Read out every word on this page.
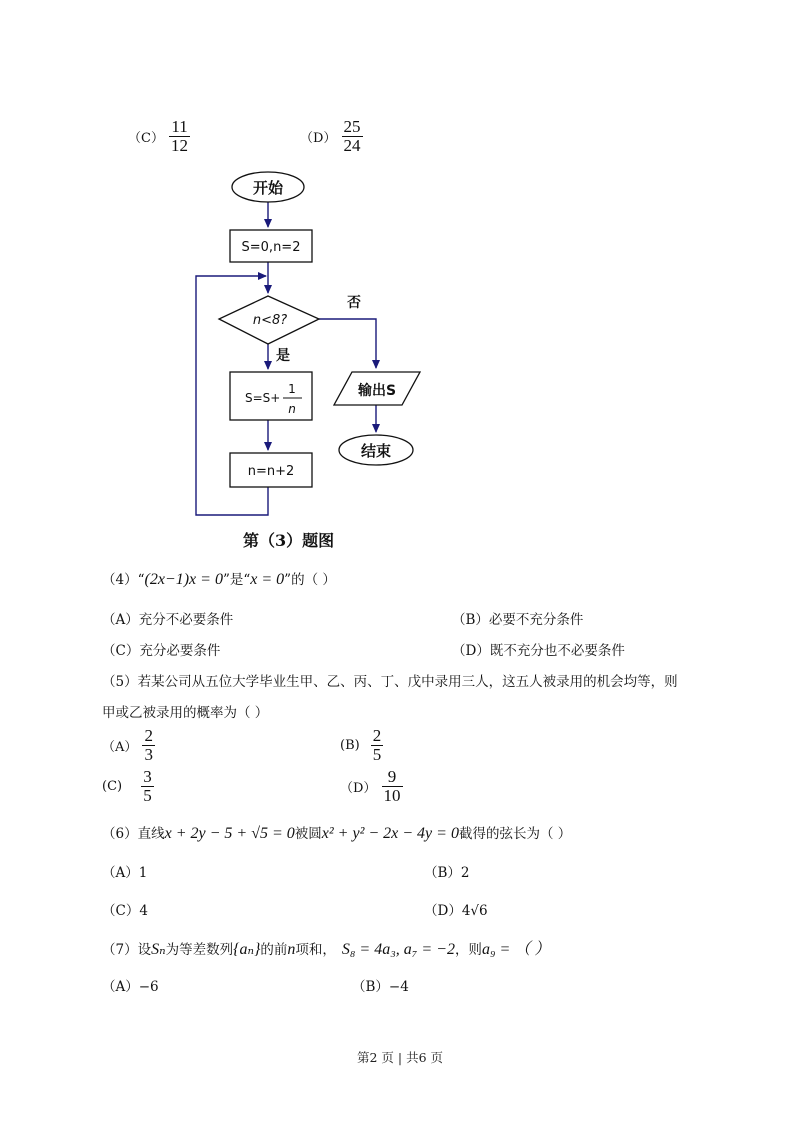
$(C) \frac{11}{12}$	$(D) \frac{25}{24}$
开始
S=0,n=2
n<8?
否
是
S=S+
1
n
n=n+2
输出S
结束
第（3）题图
（4）“(2x−1)x = 0”是“x = 0”的（ ）
（A）充分不必要条件	（B）必要不充分条件
（C）充分必要条件	（D）既不充分也不必要条件
（5）若某公司从五位大学毕业生甲、乙、丙、丁、戊中录用三人，这五人被录用的机会均等，则
甲或乙被录用的概率为（ ）
$(A) \frac{2}{3}$	$(B) \frac{2}{5}$
$(C) \frac{3}{5}$	$(D) \frac{9}{10}$
（6）直线x + 2y − 5 + √5 = 0被圆x² + y² − 2x − 4y = 0截得的弦长为（ ）
（A）1	（B）2
（C）4	（D）4√6
（7）设Sₙ为等差数列{aₙ}的前n项和， S₈ = 4a₃, a₇ = −2，则a₉ = （ ）
（A）−6	（B）−4
第2 页 | 共6 页
